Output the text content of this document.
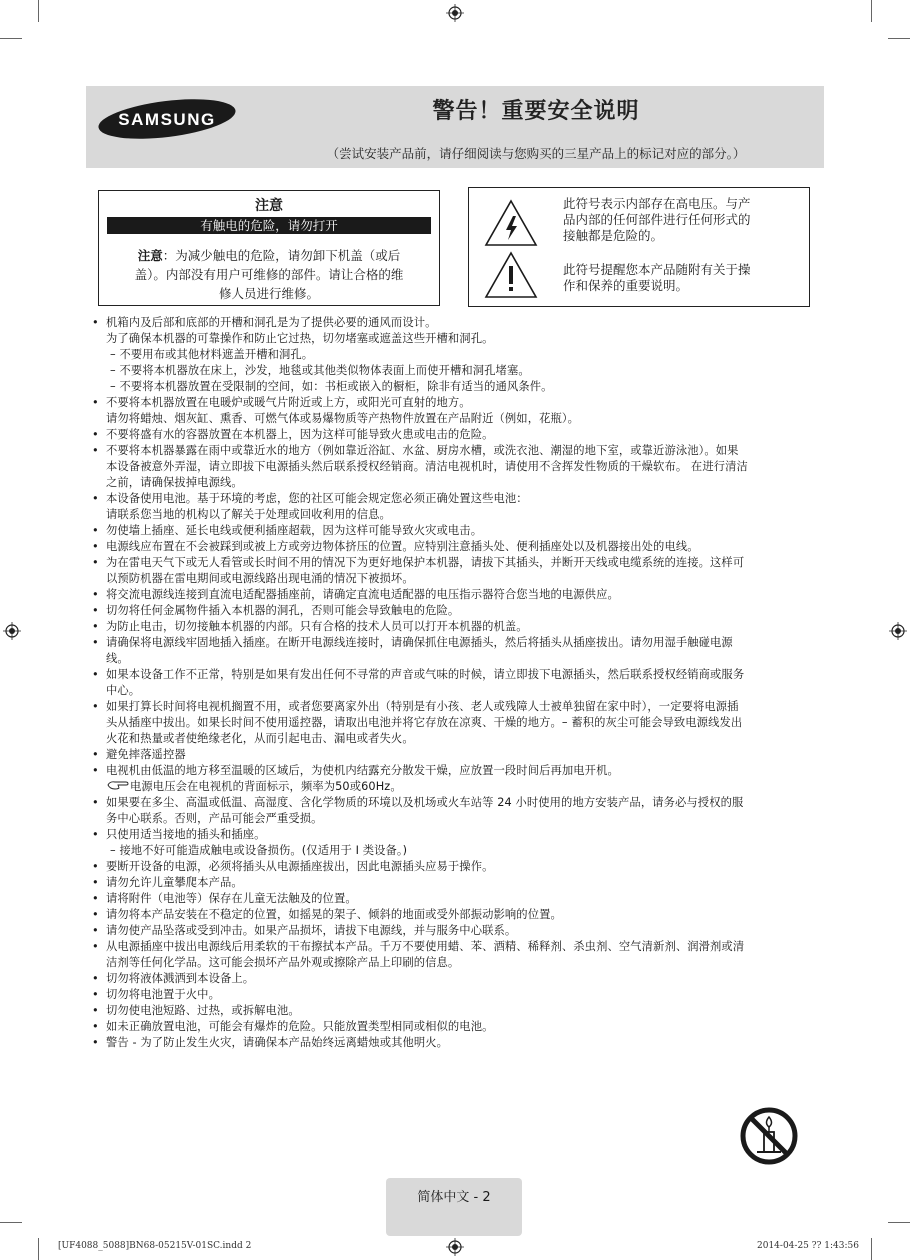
SAMSUNG	警告！重要安全说明
（尝试安装产品前，请仔细阅读与您购买的三星产品上的标记对应的部分。）
注意
有触电的危险，请勿打开
注意：为减少触电的危险，请勿卸下机盖（或后
盖）。内部没有用户可维修的部件。请让合格的维
修人员进行维修。
此符号表示内部存在高电压。与产
品内部的任何部件进行任何形式的
接触都是危险的。
此符号提醒您本产品随附有关于操
作和保养的重要说明。
• 机箱内及后部和底部的开槽和洞孔是为了提供必要的通风而设计。
为了确保本机器的可靠操作和防止它过热，切勿堵塞或遮盖这些开槽和洞孔。
– 不要用布或其他材料遮盖开槽和洞孔。
– 不要将本机器放在床上，沙发，地毯或其他类似物体表面上而使开槽和洞孔堵塞。
– 不要将本机器放置在受限制的空间，如：书柜或嵌入的橱柜，除非有适当的通风条件。
• 不要将本机器放置在电暖炉或暖气片附近或上方，或阳光可直射的地方。
请勿将蜡烛、烟灰缸、熏香、可燃气体或易爆物质等产热物件放置在产品附近（例如，花瓶）。
• 不要将盛有水的容器放置在本机器上，因为这样可能导致火患或电击的危险。
• 不要将本机器暴露在雨中或靠近水的地方（例如靠近浴缸、水盆、厨房水槽，或洗衣池、潮湿的地下室，或靠近游泳池）。如果
本设备被意外弄湿，请立即拔下电源插头然后联系授权经销商。清洁电视机时，请使用不含挥发性物质的干燥软布。 在进行清洁
之前，请确保拔掉电源线。
• 本设备使用电池。基于环境的考虑，您的社区可能会规定您必须正确处置这些电池：
请联系您当地的机构以了解关于处理或回收利用的信息。
• 勿使墙上插座、延长电线或便利插座超载，因为这样可能导致火灾或电击。
• 电源线应布置在不会被踩到或被上方或旁边物体挤压的位置。应特别注意插头处、便利插座处以及机器接出处的电线。
• 为在雷电天气下或无人看管或长时间不用的情况下为更好地保护本机器，请拔下其插头，并断开天线或电缆系统的连接。这样可
以预防机器在雷电期间或电源线路出现电涌的情况下被损坏。
• 将交流电源线连接到直流电适配器插座前，请确定直流电适配器的电压指示器符合您当地的电源供应。
• 切勿将任何金属物件插入本机器的洞孔，否则可能会导致触电的危险。
• 为防止电击，切勿接触本机器的内部。只有合格的技术人员可以打开本机器的机盖。
• 请确保将电源线牢固地插入插座。在断开电源线连接时，请确保抓住电源插头，然后将插头从插座拔出。请勿用湿手触碰电源
线。
• 如果本设备工作不正常，特别是如果有发出任何不寻常的声音或气味的时候，请立即拔下电源插头，然后联系授权经销商或服务
中心。
• 如果打算长时间将电视机搁置不用，或者您要离家外出（特别是有小孩、老人或残障人士被单独留在家中时），一定要将电源插
头从插座中拔出。如果长时间不使用遥控器，请取出电池并将它存放在凉爽、干燥的地方。– 蓄积的灰尘可能会导致电源线发出
火花和热量或者使绝缘老化，从而引起电击、漏电或者失火。
• 避免摔落遥控器
• 电视机由低温的地方移至温暖的区域后，为使机内结露充分散发干燥，应放置一段时间后再加电开机。
电源电压会在电视机的背面标示，频率为50或60Hz。
• 如果要在多尘、高温或低温、高湿度、含化学物质的环境以及机场或火车站等 24 小时使用的地方安装产品，请务必与授权的服
务中心联系。否则，产品可能会严重受损。
• 只使用适当接地的插头和插座。
– 接地不好可能造成触电或设备损伤。(仅适用于 Ⅰ 类设备。)
• 要断开设备的电源，必须将插头从电源插座拔出，因此电源插头应易于操作。
• 请勿允许儿童攀爬本产品。
• 请将附件（电池等）保存在儿童无法触及的位置。
• 请勿将本产品安装在不稳定的位置，如摇晃的架子、倾斜的地面或受外部振动影响的位置。
• 请勿使产品坠落或受到冲击。如果产品损坏，请拔下电源线，并与服务中心联系。
• 从电源插座中拔出电源线后用柔软的干布擦拭本产品。千万不要使用蜡、苯、酒精、稀释剂、杀虫剂、空气清新剂、润滑剂或清
洁剂等任何化学品。这可能会损坏产品外观或擦除产品上印刷的信息。
• 切勿将液体溅洒到本设备上。
• 切勿将电池置于火中。
• 切勿使电池短路、过热，或拆解电池。
• 如未正确放置电池，可能会有爆炸的危险。只能放置类型相同或相似的电池。
• 警告 - 为了防止发生火灾，请确保本产品始终远离蜡烛或其他明火。
简体中文 - 2
[UF4088_5088]BN68-05215V-01SC.indd 2	2014-04-25 ?? 1:43:56
